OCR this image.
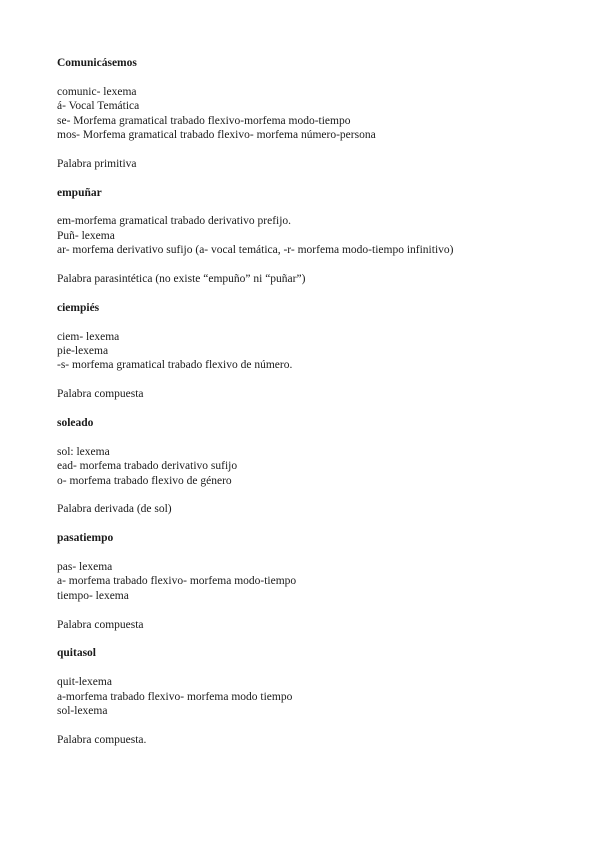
Comunicásemos

comunic- lexema

á- Vocal Temática

se- Morfema gramatical trabado flexivo-morfema modo-tiempo

mos- Morfema gramatical trabado flexivo- morfema número-persona

Palabra primitiva

empuñar

em-morfema gramatical trabado derivativo prefijo.

Puñ- lexema

ar- morfema derivativo sufijo (a- vocal temática, -r- morfema modo-tiempo infinitivo)

Palabra parasintética (no existe “empuño” ni “puñar”)

ciempiés

ciem- lexema

pie-lexema

-s- morfema gramatical trabado flexivo de número.

Palabra compuesta

soleado

sol: lexema

ead- morfema trabado derivativo sufijo

o- morfema trabado flexivo de género

Palabra derivada (de sol)

pasatiempo

pas- lexema

a- morfema trabado flexivo- morfema modo-tiempo

tiempo- lexema

Palabra compuesta

quitasol

quit-lexema

a-morfema trabado flexivo- morfema modo tiempo

sol-lexema

Palabra compuesta.
